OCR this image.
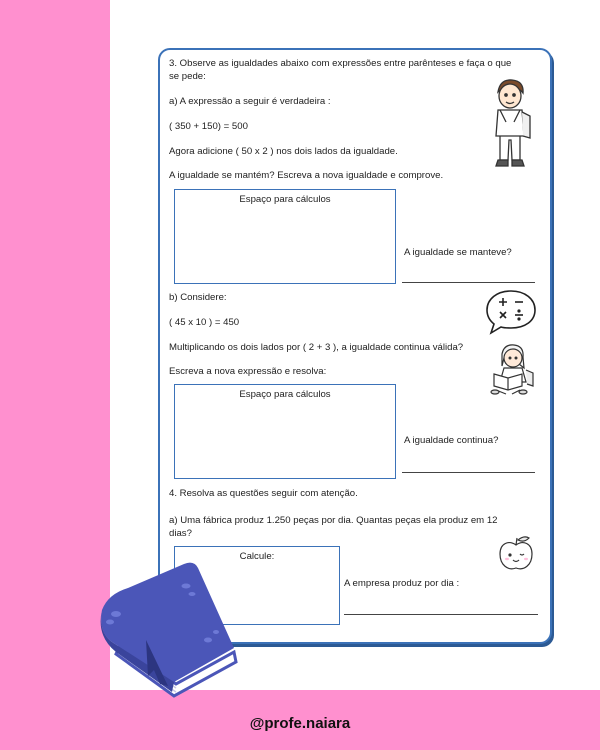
3. Observe as igualdades abaixo com expressões entre parênteses e faça o que
se pede:
a) A expressão a seguir é verdadeira :
( 350 + 150) = 500
Agora adicione ( 50 x 2 ) nos dois lados da igualdade.
A igualdade se mantém? Escreva a nova igualdade e comprove.
Espaço para cálculos
A igualdade se manteve?
b) Considere:
( 45 x 10 ) = 450
Multiplicando os dois lados por ( 2 + 3 ), a igualdade continua válida?
Escreva a nova expressão e resolva:
Espaço para cálculos
A igualdade continua?
4. Resolva as questões seguir com atenção.
a) Uma fábrica produz 1.250 peças por dia. Quantas peças ela produz em 12
dias?
Calcule:
A empresa produz por dia :
@profe.naiara
